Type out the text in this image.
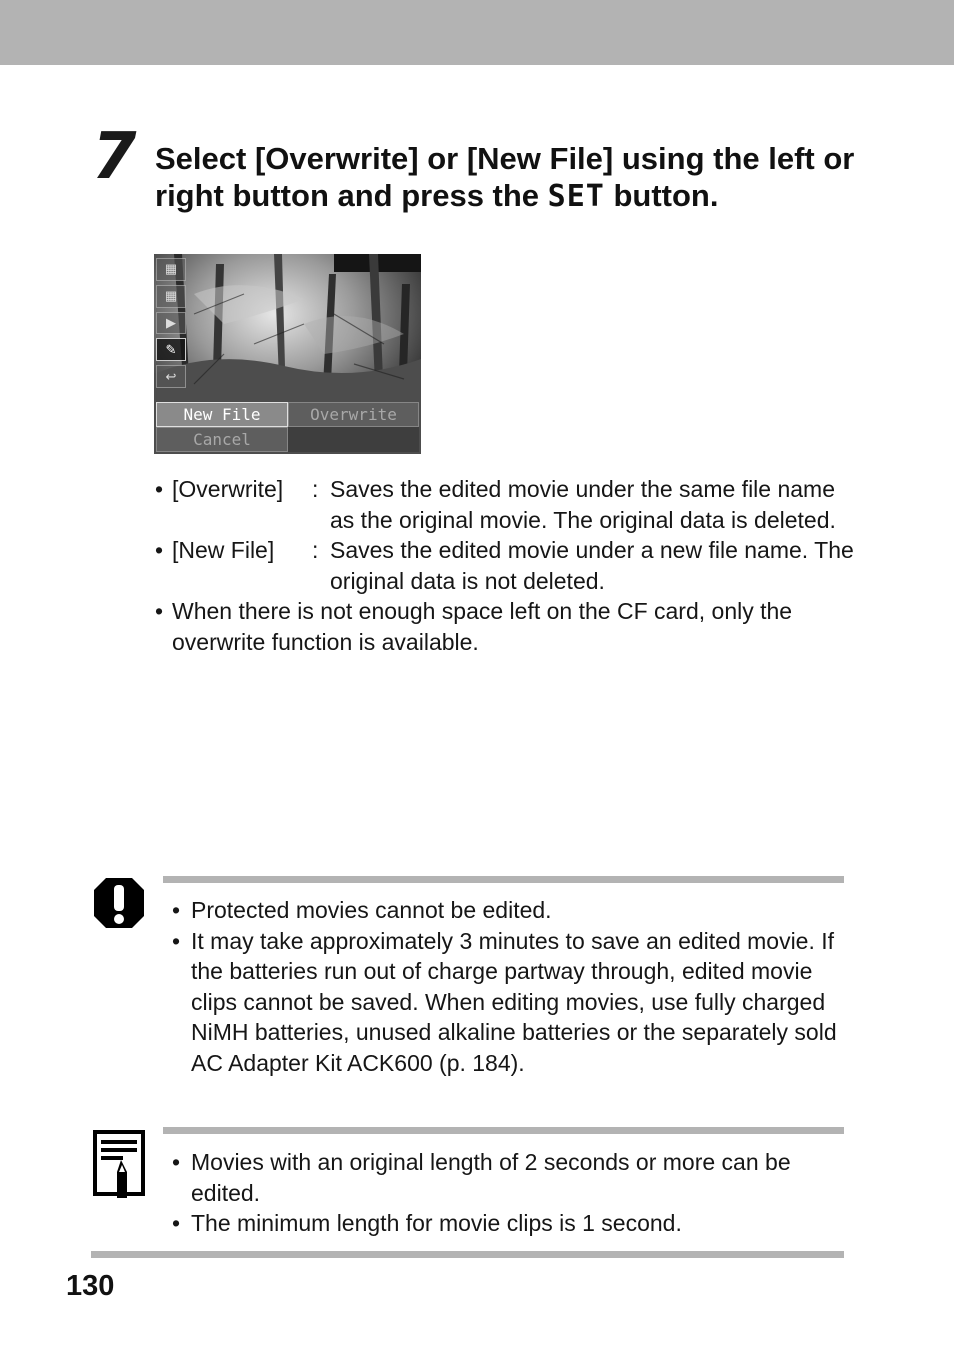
7 Select [Overwrite] or [New File] using the left or right button and press the SET button.
▦
▦
▶
✎
↩
New File	Overwrite
Cancel
• [Overwrite]	: Saves the edited movie under the same file name as the original movie. The original data is deleted.
• [New File]	: Saves the edited movie under a new file name. The original data is not deleted.
• When there is not enough space left on the CF card, only the overwrite function is available.
• Protected movies cannot be edited.
• It may take approximately 3 minutes to save an edited movie. If the batteries run out of charge partway through, edited movie clips cannot be saved. When editing movies, use fully charged NiMH batteries, unused alkaline batteries or the separately sold AC Adapter Kit ACK600 (p. 184).
• Movies with an original length of 2 seconds or more can be edited.
• The minimum length for movie clips is 1 second.
130
